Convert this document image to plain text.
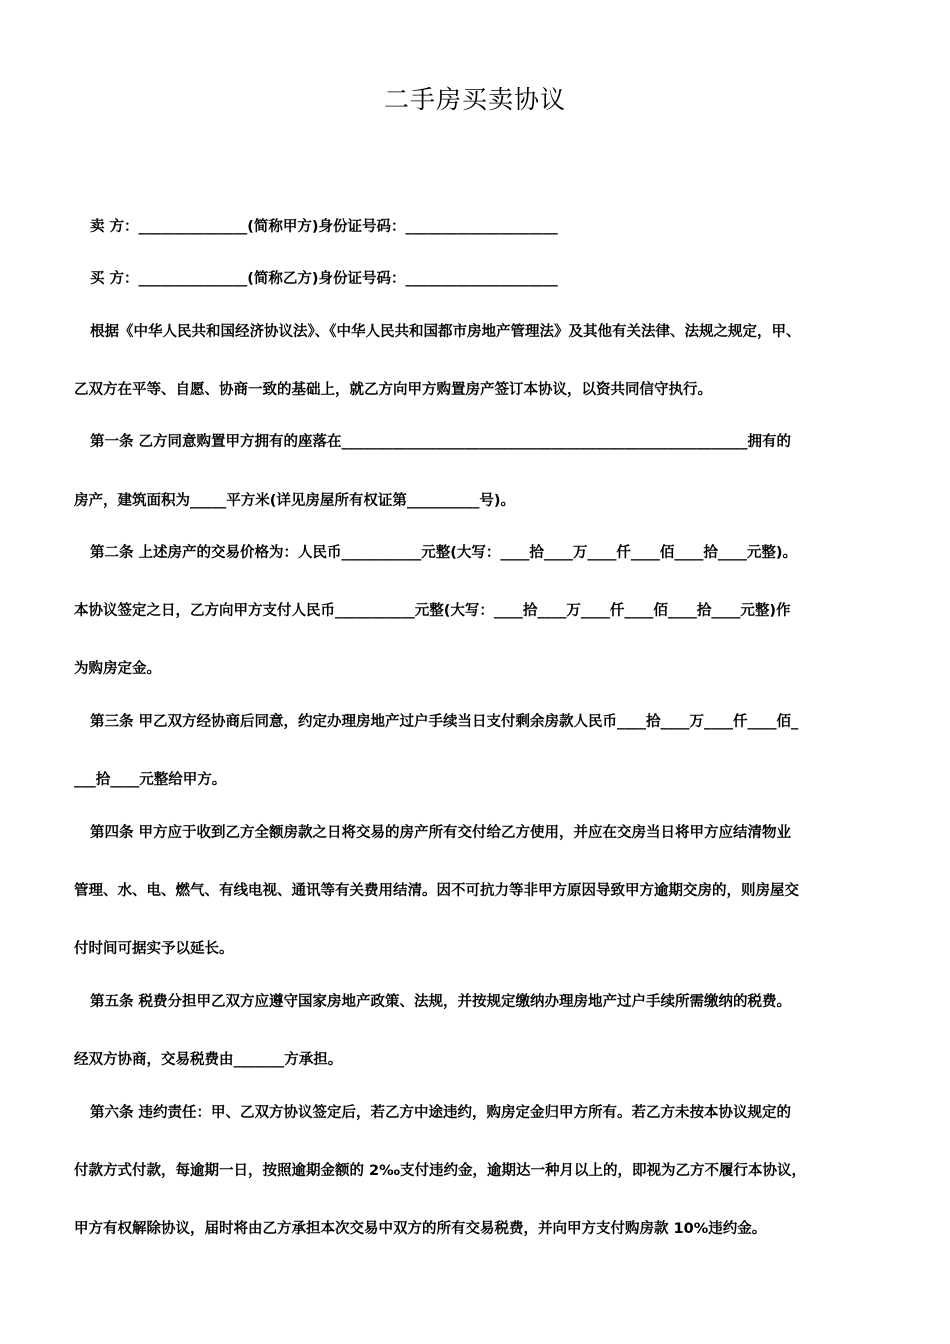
二手房买卖协议
卖 方：_______________(简称甲方)身份证号码：_____________________
买 方：_______________(简称乙方)身份证号码：_____________________
根据《中华人民共和国经济协议法》、《中华人民共和国都市房地产管理法》及其他有关法律、法规之规定，甲、
乙双方在平等、自愿、协商一致的基础上，就乙方向甲方购置房产签订本协议，以资共同信守执行。
第一条 乙方同意购置甲方拥有的座落在________________________________________________________拥有的
房产，建筑面积为_____平方米(详见房屋所有权证第__________号)。
第二条 上述房产的交易价格为：人民币___________元整(大写：____拾____万____仟____佰____拾____元整)。
本协议签定之日，乙方向甲方支付人民币___________元整(大写：____拾____万____仟____佰____拾____元整)作
为购房定金。
第三条 甲乙双方经协商后同意，约定办理房地产过户手续当日支付剩余房款人民币____拾____万____仟____佰_
___拾____元整给甲方。
第四条 甲方应于收到乙方全额房款之日将交易的房产所有交付给乙方使用，并应在交房当日将甲方应结清物业
管理、水、电、燃气、有线电视、通讯等有关费用结清。因不可抗力等非甲方原因导致甲方逾期交房的，则房屋交
付时间可据实予以延长。
第五条 税费分担甲乙双方应遵守国家房地产政策、法规，并按规定缴纳办理房地产过户手续所需缴纳的税费。
经双方协商，交易税费由_______方承担。
第六条 违约责任：甲、乙双方协议签定后，若乙方中途违约，购房定金归甲方所有。若乙方未按本协议规定的
付款方式付款，每逾期一日，按照逾期金额的 2‰支付违约金，逾期达一种月以上的，即视为乙方不履行本协议，
甲方有权解除协议，届时将由乙方承担本次交易中双方的所有交易税费，并向甲方支付购房款 10%违约金。
